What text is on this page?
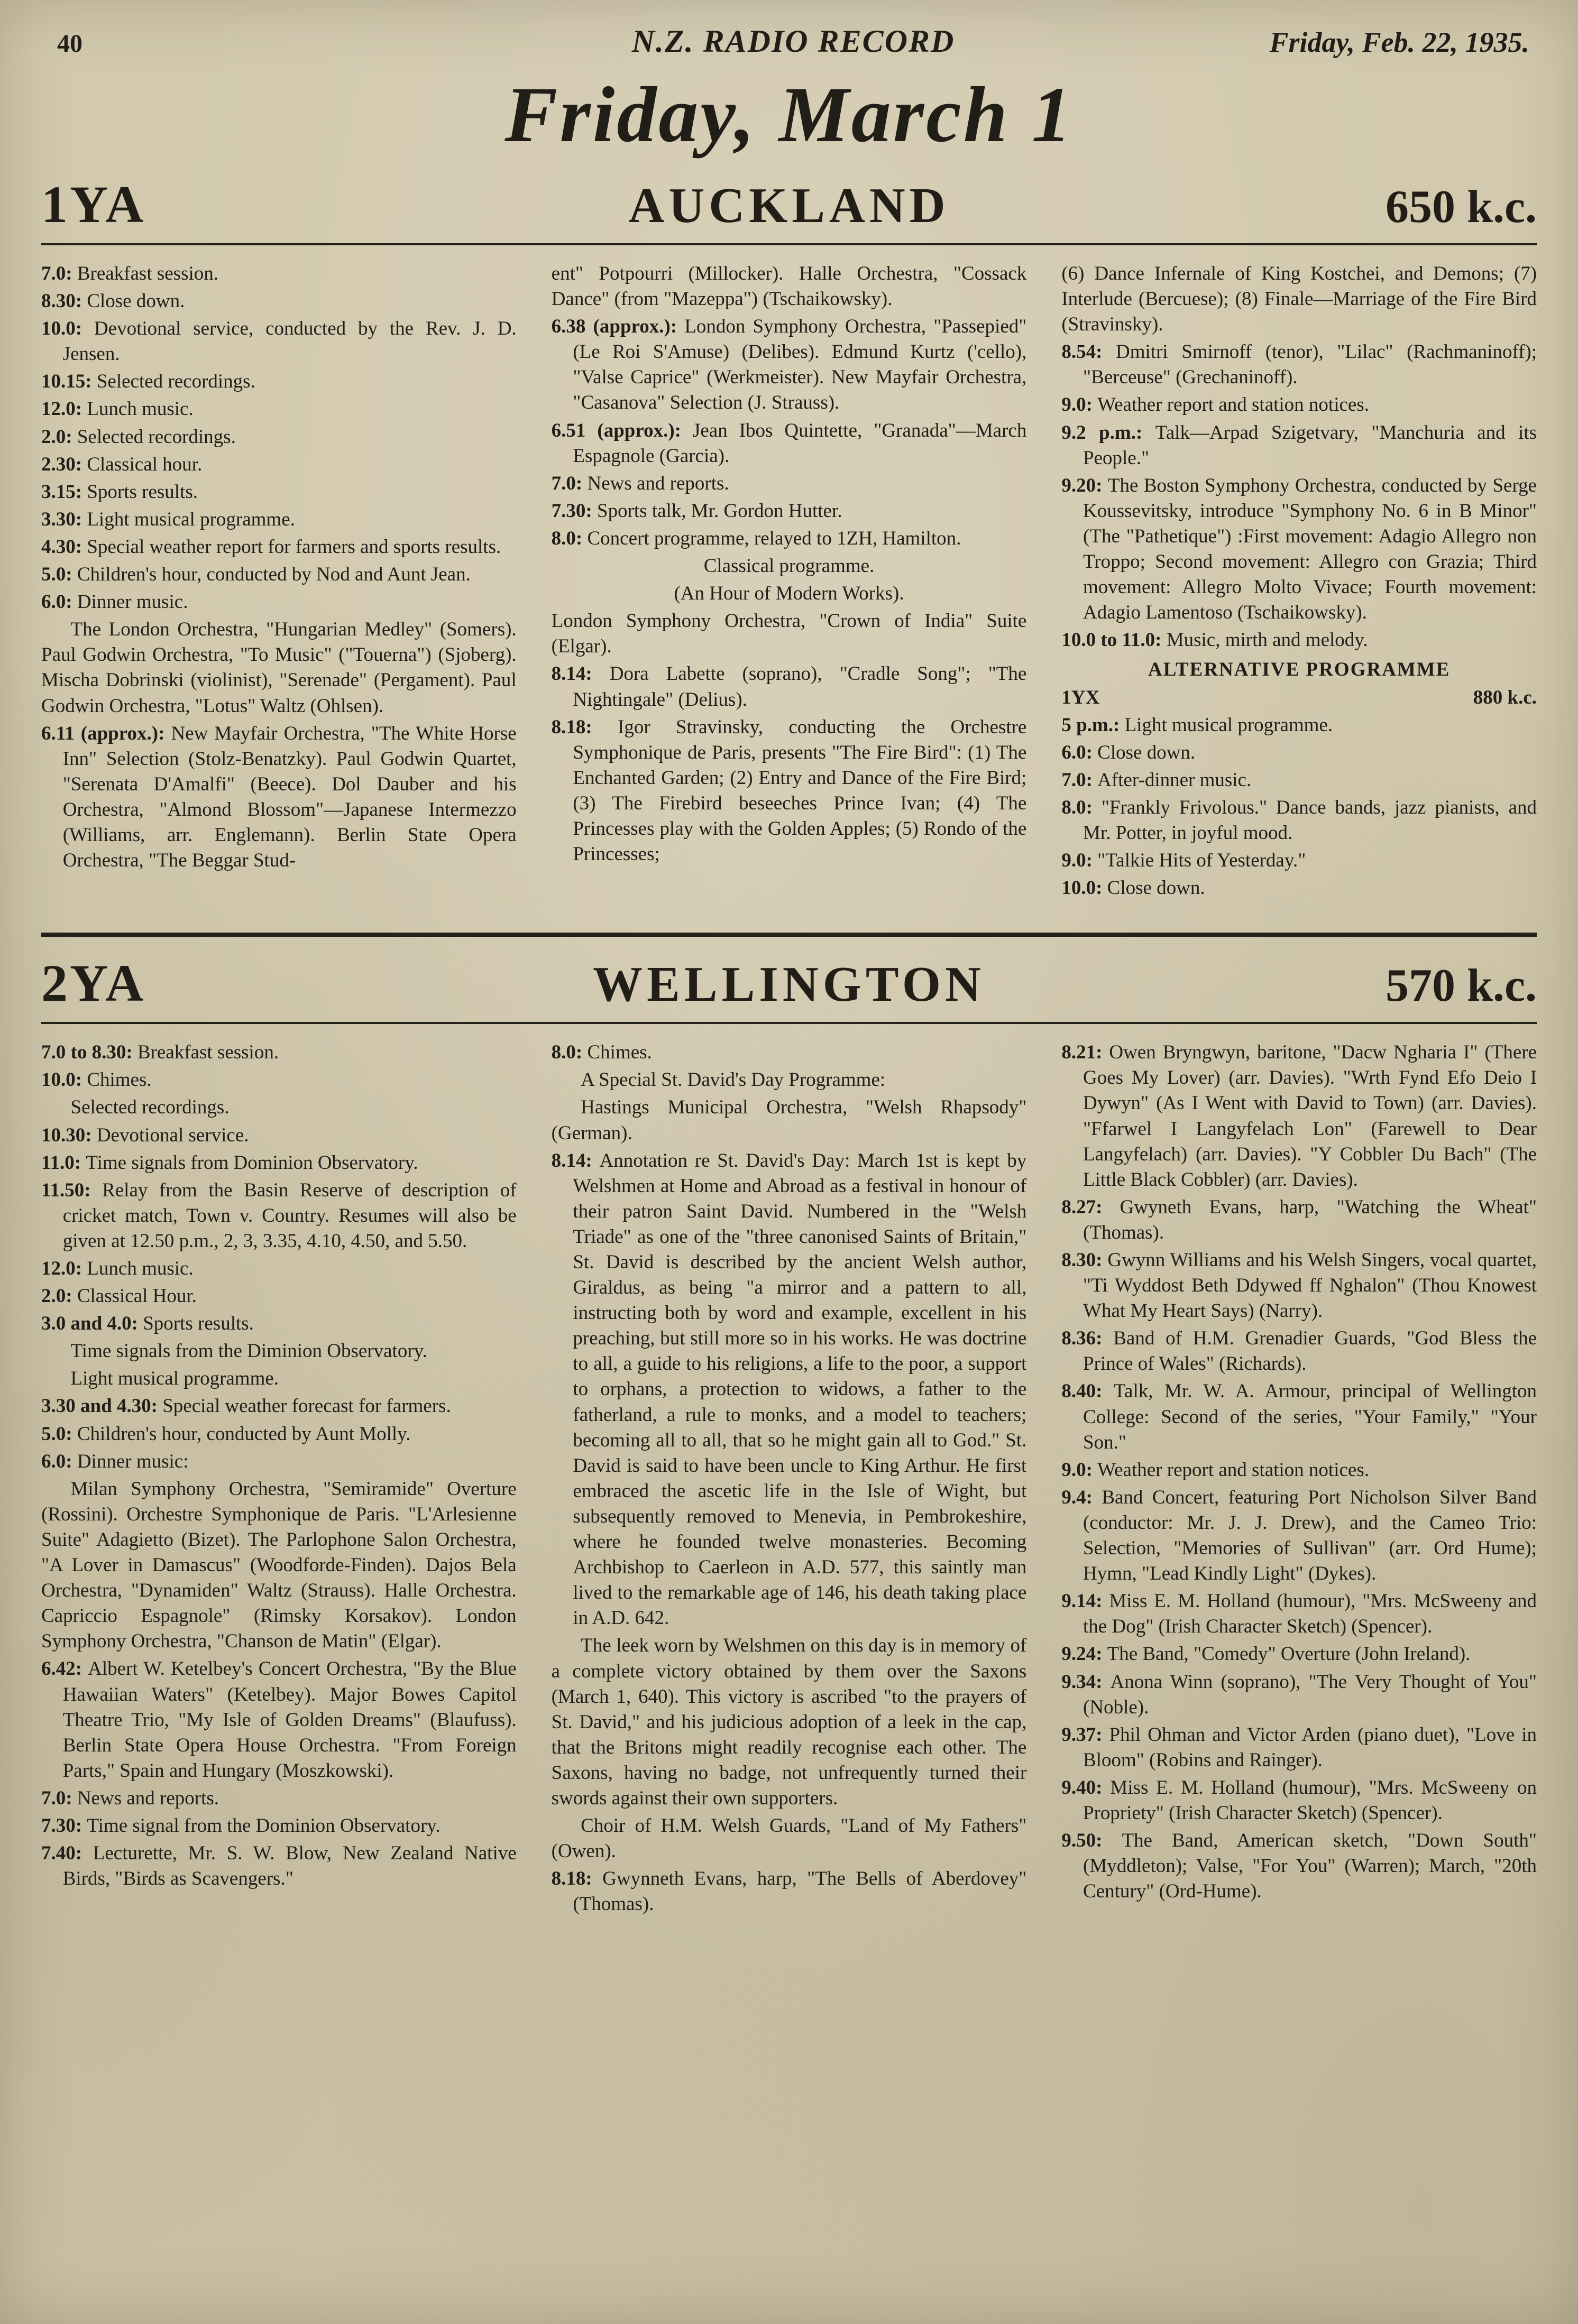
40	N.Z. RADIO RECORD	Friday, Feb. 22, 1935.
Friday, March 1
1YA	AUCKLAND	650 k.c.

7.0: Breakfast session.

8.30: Close down.

10.0: Devotional service, conducted by the Rev. J. D. Jensen.

10.15: Selected recordings.

12.0: Lunch music.

2.0: Selected recordings.

2.30: Classical hour.

3.15: Sports results.

3.30: Light musical programme.

4.30: Special weather report for farmers and sports results.

5.0: Children's hour, conducted by Nod and Aunt Jean.

6.0: Dinner music.

The London Orchestra, "Hungarian Medley" (Somers). Paul Godwin Orchestra, "To Music" ("Touerna") (Sjoberg). Mischa Dobrinski (violinist), "Serenade" (Pergament). Paul Godwin Orchestra, "Lotus" Waltz (Ohlsen).

6.11 (approx.): New Mayfair Orchestra, "The White Horse Inn" Selection (Stolz-Benatzky). Paul Godwin Quartet, "Serenata D'Amalfi" (Beece). Dol Dauber and his Orchestra, "Almond Blossom"—Japanese Intermezzo (Williams, arr. Englemann). Berlin State Opera Orchestra, "The Beggar Stud-

ent" Potpourri (Millocker). Halle Orchestra, "Cossack Dance" (from "Mazeppa") (Tschaikowsky).

6.38 (approx.): London Symphony Orchestra, "Passepied" (Le Roi S'Amuse) (Delibes). Edmund Kurtz ('cello), "Valse Caprice" (Werkmeister). New Mayfair Orchestra, "Casanova" Selection (J. Strauss).

6.51 (approx.): Jean Ibos Quintette, "Granada"—March Espagnole (Garcia).

7.0: News and reports.

7.30: Sports talk, Mr. Gordon Hutter.

8.0: Concert programme, relayed to 1ZH, Hamilton.

Classical programme.

(An Hour of Modern Works).

London Symphony Orchestra, "Crown of India" Suite (Elgar).

8.14: Dora Labette (soprano), "Cradle Song"; "The Nightingale" (Delius).

8.18: Igor Stravinsky, conducting the Orchestre Symphonique de Paris, presents "The Fire Bird": (1) The Enchanted Garden; (2) Entry and Dance of the Fire Bird; (3) The Firebird beseeches Prince Ivan; (4) The Princesses play with the Golden Apples; (5) Rondo of the Princesses;

(6) Dance Infernale of King Kostchei, and Demons; (7) Interlude (Bercuese); (8) Finale—Marriage of the Fire Bird (Stravinsky).

8.54: Dmitri Smirnoff (tenor), "Lilac" (Rachmaninoff); "Berceuse" (Grechaninoff).

9.0: Weather report and station notices.

9.2 p.m.: Talk—Arpad Szigetvary, "Manchuria and its People."

9.20: The Boston Symphony Orchestra, conducted by Serge Koussevitsky, introduce "Symphony No. 6 in B Minor" (The "Pathetique") :First movement: Adagio Allegro non Troppo; Second movement: Allegro con Grazia; Third movement: Allegro Molto Vivace; Fourth movement: Adagio Lamentoso (Tschaikowsky).

10.0 to 11.0: Music, mirth and melody.

ALTERNATIVE PROGRAMME

1YX	880 k.c.

5 p.m.: Light musical programme.

6.0: Close down.

7.0: After-dinner music.

8.0: "Frankly Frivolous." Dance bands, jazz pianists, and Mr. Potter, in joyful mood.

9.0: "Talkie Hits of Yesterday."

10.0: Close down.

2YA	WELLINGTON	570 k.c.

7.0 to 8.30: Breakfast session.

10.0: Chimes.

Selected recordings.

10.30: Devotional service.

11.0: Time signals from Dominion Observatory.

11.50: Relay from the Basin Reserve of description of cricket match, Town v. Country. Resumes will also be given at 12.50 p.m., 2, 3, 3.35, 4.10, 4.50, and 5.50.

12.0: Lunch music.

2.0: Classical Hour.

3.0 and 4.0: Sports results.

Time signals from the Diminion Observatory.

Light musical programme.

3.30 and 4.30: Special weather forecast for farmers.

5.0: Children's hour, conducted by Aunt Molly.

6.0: Dinner music:

Milan Symphony Orchestra, "Semiramide" Overture (Rossini). Orchestre Symphonique de Paris. "L'Arlesienne Suite" Adagietto (Bizet). The Parlophone Salon Orchestra, "A Lover in Damascus" (Woodforde-Finden). Dajos Bela Orchestra, "Dynamiden" Waltz (Strauss). Halle Orchestra. Capriccio Espagnole" (Rimsky Korsakov). London Symphony Orchestra, "Chanson de Matin" (Elgar).

6.42: Albert W. Ketelbey's Concert Orchestra, "By the Blue Hawaiian Waters" (Ketelbey). Major Bowes Capitol Theatre Trio, "My Isle of Golden Dreams" (Blaufuss). Berlin State Opera House Orchestra. "From Foreign Parts," Spain and Hungary (Moszkowski).

7.0: News and reports.

7.30: Time signal from the Dominion Observatory.

7.40: Lecturette, Mr. S. W. Blow, New Zealand Native Birds, "Birds as Scavengers."

8.0: Chimes.

A Special St. David's Day Programme:

Hastings Municipal Orchestra, "Welsh Rhapsody" (German).

8.14: Annotation re St. David's Day: March 1st is kept by Welshmen at Home and Abroad as a festival in honour of their patron Saint David. Numbered in the "Welsh Triade" as one of the "three canonised Saints of Britain," St. David is described by the ancient Welsh author, Giraldus, as being "a mirror and a pattern to all, instructing both by word and example, excellent in his preaching, but still more so in his works. He was doctrine to all, a guide to his religions, a life to the poor, a support to orphans, a protection to widows, a father to the fatherland, a rule to monks, and a model to teachers; becoming all to all, that so he might gain all to God." St. David is said to have been uncle to King Arthur. He first embraced the ascetic life in the Isle of Wight, but subsequently removed to Menevia, in Pembrokeshire, where he founded twelve monasteries. Becoming Archbishop to Caerleon in A.D. 577, this saintly man lived to the remarkable age of 146, his death taking place in A.D. 642.

The leek worn by Welshmen on this day is in memory of a complete victory obtained by them over the Saxons (March 1, 640). This victory is ascribed "to the prayers of St. David," and his judicious adoption of a leek in the cap, that the Britons might readily recognise each other. The Saxons, having no badge, not unfrequently turned their swords against their own supporters.

Choir of H.M. Welsh Guards, "Land of My Fathers" (Owen).

8.18: Gwynneth Evans, harp, "The Bells of Aberdovey" (Thomas).

8.21: Owen Bryngwyn, baritone, "Dacw Ngharia I" (There Goes My Lover) (arr. Davies). "Wrth Fynd Efo Deio I Dywyn" (As I Went with David to Town) (arr. Davies). "Ffarwel I Langyfelach Lon" (Farewell to Dear Langyfelach) (arr. Davies). "Y Cobbler Du Bach" (The Little Black Cobbler) (arr. Davies).

8.27: Gwyneth Evans, harp, "Watching the Wheat" (Thomas).

8.30: Gwynn Williams and his Welsh Singers, vocal quartet, "Ti Wyddost Beth Ddywed ff Nghalon" (Thou Knowest What My Heart Says) (Narry).

8.36: Band of H.M. Grenadier Guards, "God Bless the Prince of Wales" (Richards).

8.40: Talk, Mr. W. A. Armour, principal of Wellington College: Second of the series, "Your Family," "Your Son."

9.0: Weather report and station notices.

9.4: Band Concert, featuring Port Nicholson Silver Band (conductor: Mr. J. J. Drew), and the Cameo Trio: Selection, "Memories of Sullivan" (arr. Ord Hume); Hymn, "Lead Kindly Light" (Dykes).

9.14: Miss E. M. Holland (humour), "Mrs. McSweeny and the Dog" (Irish Character Sketch) (Spencer).

9.24: The Band, "Comedy" Overture (John Ireland).

9.34: Anona Winn (soprano), "The Very Thought of You" (Noble).

9.37: Phil Ohman and Victor Arden (piano duet), "Love in Bloom" (Robins and Rainger).

9.40: Miss E. M. Holland (humour), "Mrs. McSweeny on Propriety" (Irish Character Sketch) (Spencer).

9.50: The Band, American sketch, "Down South" (Myddleton); Valse, "For You" (Warren); March, "20th Century" (Ord-Hume).
